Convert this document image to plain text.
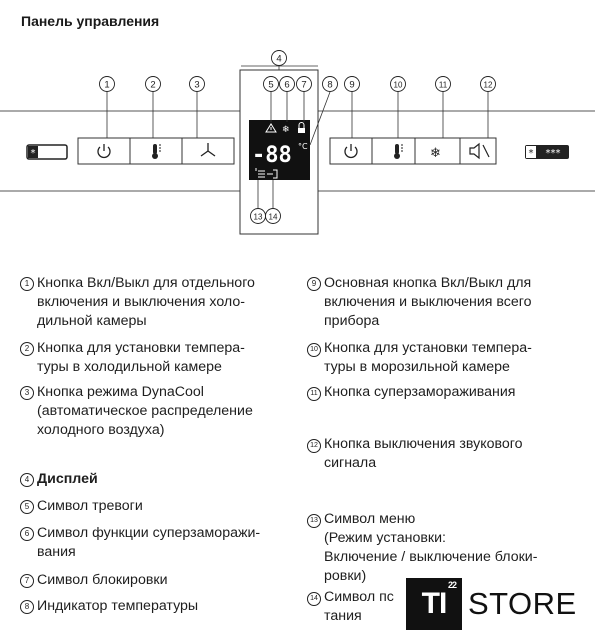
Панель управления
*	-88 °C
❄
❄	* ***
1	2	3
4
5 6 7 8 9	10	11	12
13 14
1 Кнопка Вкл/Выкл для отдельного
включения и выключения холо-
дильной камеры
2 Кнопка для установки темпера-
туры в холодильной камере
3 Кнопка режима DynaCool
(автоматическое распределение
холодного воздуха)
4 Дисплей
5 Символ тревоги
6 Символ функции суперзаморажи-
вания
7 Символ блокировки
8 Индикатор температуры
9 Основная кнопка Вкл/Выкл для
включения и выключения всего
прибора
10 Кнопка для установки темпера-
туры в морозильной камере
11 Кнопка суперзамораживания
12 Кнопка выключения звукового
сигнала
13 Символ меню
(Режим установки:
Включение / выключение блоки-
ровки)
14 Символ пс
тания	TI
22
STORE
